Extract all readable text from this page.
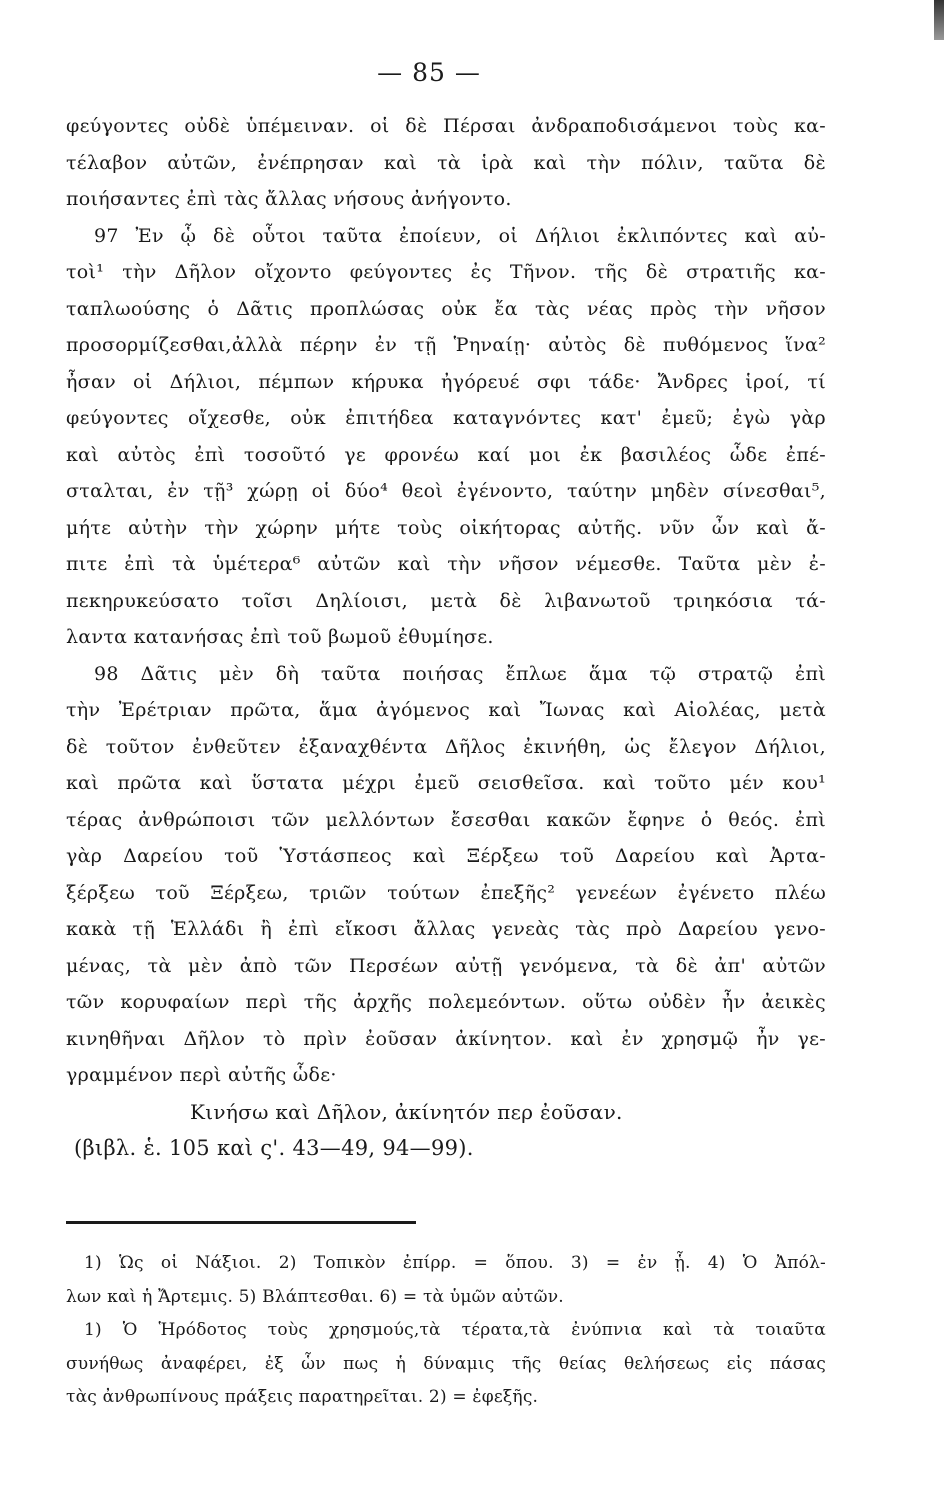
— 85 —
φεύγοντες οὐδὲ ὑπέμειναν. οἱ δὲ Πέρσαι ἀνδραποδισάμενοι τοὺς κα-
τέλαβον αὐτῶν, ἐνέπρησαν καὶ τὰ ἱρὰ καὶ τὴν πόλιν, ταῦτα δὲ
ποιήσαντες ἐπὶ τὰς ἄλλας νήσους ἀνήγοντο.
97 Ἐν ᾧ δὲ οὗτοι ταῦτα ἐποίευν, οἱ Δήλιοι ἐκλιπόντες καὶ αὐ-
τοὶ¹ τὴν Δῆλον οἴχοντο φεύγοντες ἐς Τῆνον. τῆς δὲ στρατιῆς κα-
ταπλωούσης ὁ Δᾶτις προπλώσας οὐκ ἔα τὰς νέας πρὸς τὴν νῆσον
προσορμίζεσθαι,ἀλλὰ πέρην ἐν τῇ Ῥηναίῃ· αὐτὸς δὲ πυθόμενος ἵνα²
ἦσαν οἱ Δήλιοι, πέμπων κήρυκα ἠγόρευέ σφι τάδε· Ἄνδρες ἱροί, τί
φεύγοντες οἴχεσθε, οὐκ ἐπιτήδεα καταγνόντες κατ' ἐμεῦ; ἐγὼ γὰρ
καὶ αὐτὸς ἐπὶ τοσοῦτό γε φρονέω καί μοι ἐκ βασιλέος ὧδε ἐπέ-
σταλται, ἐν τῇ³ χώρῃ οἱ δύο⁴ θεοὶ ἐγένοντο, ταύτην μηδὲν σίνεσθαι⁵,
μήτε αὐτὴν τὴν χώρην μήτε τοὺς οἰκήτορας αὐτῆς. νῦν ὦν καὶ ἄ-
πιτε ἐπὶ τὰ ὑμέτερα⁶ αὐτῶν καὶ τὴν νῆσον νέμεσθε. Ταῦτα μὲν ἐ-
πεκηρυκεύσατο τοῖσι Δηλίοισι, μετὰ δὲ λιβανωτοῦ τριηκόσια τά-
λαντα κατανήσας ἐπὶ τοῦ βωμοῦ ἐθυμίησε.
98 Δᾶτις μὲν δὴ ταῦτα ποιήσας ἔπλωε ἅμα τῷ στρατῷ ἐπὶ
τὴν Ἐρέτριαν πρῶτα, ἅμα ἀγόμενος καὶ Ἴωνας καὶ Αἰολέας, μετὰ
δὲ τοῦτον ἐνθεῦτεν ἐξαναχθέντα Δῆλος ἐκινήθη, ὡς ἔλεγον Δήλιοι,
καὶ πρῶτα καὶ ὕστατα μέχρι ἐμεῦ σεισθεῖσα. καὶ τοῦτο μέν κου¹
τέρας ἀνθρώποισι τῶν μελλόντων ἔσεσθαι κακῶν ἔφηνε ὁ θεός. ἐπὶ
γὰρ Δαρείου τοῦ Ὑστάσπεος καὶ Ξέρξεω τοῦ Δαρείου καὶ Ἀρτα-
ξέρξεω τοῦ Ξέρξεω, τριῶν τούτων ἐπεξῆς² γενεέων ἐγένετο πλέω
κακὰ τῇ Ἑλλάδι ἢ ἐπὶ εἴκοσι ἄλλας γενεὰς τὰς πρὸ Δαρείου γενο-
μένας, τὰ μὲν ἀπὸ τῶν Περσέων αὐτῇ γενόμενα, τὰ δὲ ἀπ' αὐτῶν
τῶν κορυφαίων περὶ τῆς ἀρχῆς πολεμεόντων. οὕτω οὐδὲν ἦν ἀεικὲς
κινηθῆναι Δῆλον τὸ πρὶν ἐοῦσαν ἀκίνητον. καὶ ἐν χρησμῷ ἦν γε-
γραμμένον περὶ αὐτῆς ὧδε·
Κινήσω καὶ Δῆλον, ἀκίνητόν περ ἐοῦσαν.
(βιβλ. ἑ. 105 καὶ ς'. 43—49, 94—99).
1) Ὡς οἱ Νάξιοι. 2) Τοπικὸν ἐπίρρ. = ὅπου. 3) = ἐν ᾗ. 4) Ὁ Ἀπόλ-
λων καὶ ἡ Ἄρτεμις. 5) Βλάπτεσθαι. 6) = τὰ ὑμῶν αὐτῶν.
1) Ὁ Ἡρόδοτος τοὺς χρησμούς,τὰ τέρατα,τὰ ἐνύπνια καὶ τὰ τοιαῦτα
συνήθως ἀναφέρει, ἐξ ὧν πως ἡ δύναμις τῆς θείας θελήσεως εἰς πάσας
τὰς ἀνθρωπίνους πράξεις παρατηρεῖται. 2) = ἐφεξῆς.
